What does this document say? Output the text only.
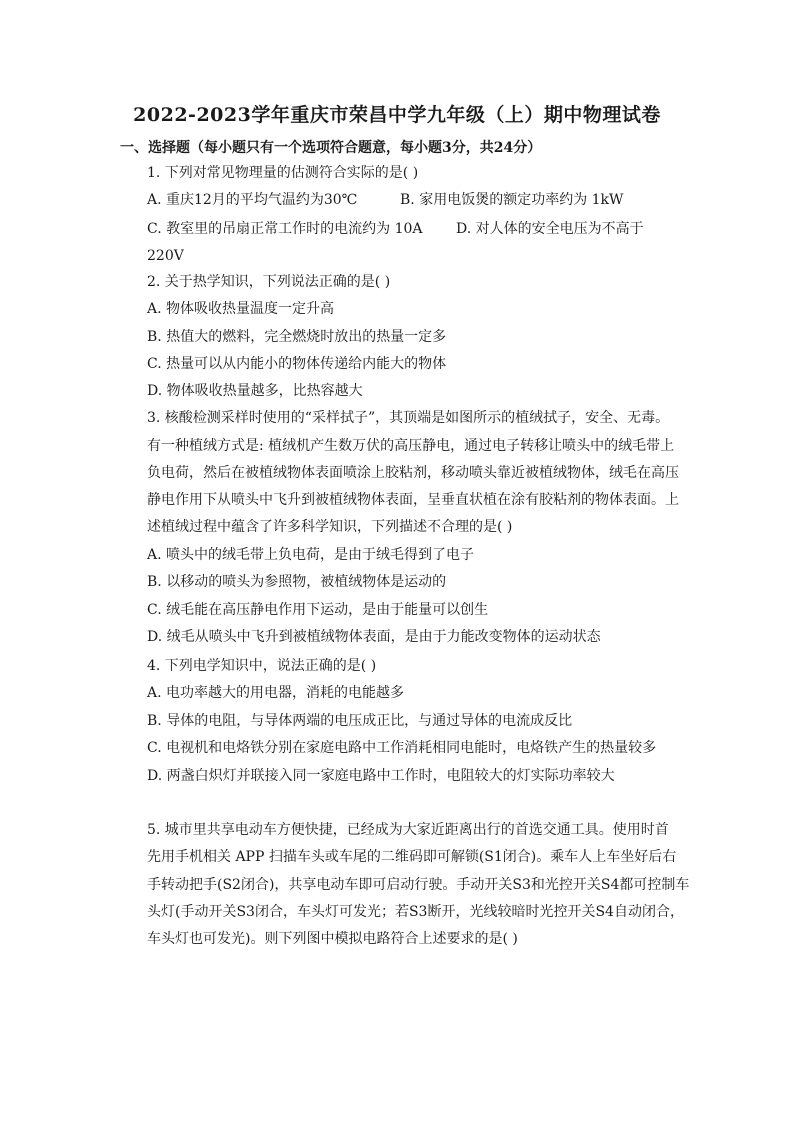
2022-2023学年重庆市荣昌中学九年级（上）期中物理试卷
一、选择题（每小题只有一个选项符合题意，每小题3分，共24分）
1. 下列对常见物理量的估测符合实际的是( )
A. 重庆12月的平均气温约为30℃	B. 家用电饭煲的额定功率约为 1kW
C. 教室里的吊扇正常工作时的电流约为 10A D. 对人体的安全电压为不高于
220V
2. 关于热学知识，下列说法正确的是( )
A. 物体吸收热量温度一定升高
B. 热值大的燃料，完全燃烧时放出的热量一定多
C. 热量可以从内能小的物体传递给内能大的物体
D. 物体吸收热量越多，比热容越大
3. 核酸检测采样时使用的“采样拭子”，其顶端是如图所示的植绒拭子，安全、无毒。
有一种植绒方式是: 植绒机产生数万伏的高压静电，通过电子转移让喷头中的绒毛带上
负电荷，然后在被植绒物体表面喷涂上胶粘剂，移动喷头靠近被植绒物体，绒毛在高压
静电作用下从喷头中飞升到被植绒物体表面，呈垂直状植在涂有胶粘剂的物体表面。上
述植绒过程中蕴含了许多科学知识，下列描述不合理的是( )
A. 喷头中的绒毛带上负电荷，是由于绒毛得到了电子
B. 以移动的喷头为参照物，被植绒物体是运动的
C. 绒毛能在高压静电作用下运动，是由于能量可以创生
D. 绒毛从喷头中飞升到被植绒物体表面，是由于力能改变物体的运动状态
4. 下列电学知识中，说法正确的是( )
A. 电功率越大的用电器，消耗的电能越多
B. 导体的电阻，与导体两端的电压成正比，与通过导体的电流成反比
C. 电视机和电烙铁分别在家庭电路中工作消耗相同电能时，电烙铁产生的热量较多
D. 两盏白炽灯并联接入同一家庭电路中工作时，电阻较大的灯实际功率较大
5. 城市里共享电动车方便快捷，已经成为大家近距离出行的首选交通工具。使用时首
先用手机相关 APP 扫描车头或车尾的二维码即可解锁(S1闭合)。乘车人上车坐好后右
手转动把手(S2闭合)，共享电动车即可启动行驶。手动开关S3和光控开关S4都可控制车
头灯(手动开关S3闭合，车头灯可发光；若S3断开，光线较暗时光控开关S4自动闭合，
车头灯也可发光)。则下列图中模拟电路符合上述要求的是( )
